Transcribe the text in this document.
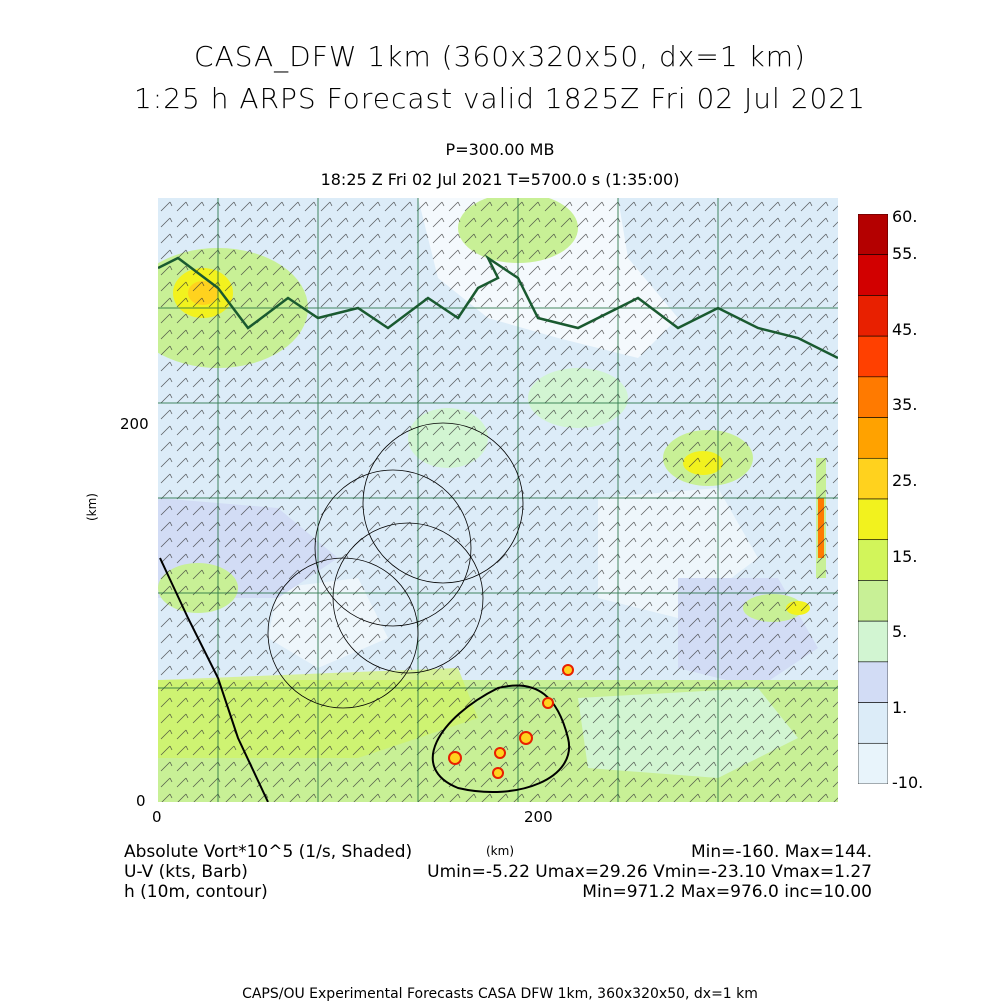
CASA_DFW 1km (360x320x50, dx=1 km)
1:25 h ARPS Forecast valid 1825Z Fri 02 Jul 2021
P=300.00 MB
18:25 Z Fri 02 Jul 2021 T=5700.0 s (1:35:00)
0
200
0	200
(km)
(km)
60.
55.
45.
35.
25.
15.
5.
1.
-10.
Absolute Vort*10^5 (1/s, Shaded)
U-V (kts, Barb)
h (10m, contour)
Min=-160. Max=144.
Umin=-5.22 Umax=29.26 Vmin=-23.10 Vmax=1.27
Min=971.2 Max=976.0 inc=10.00
CAPS/OU Experimental Forecasts CASA DFW 1km, 360x320x50, dx=1 km
